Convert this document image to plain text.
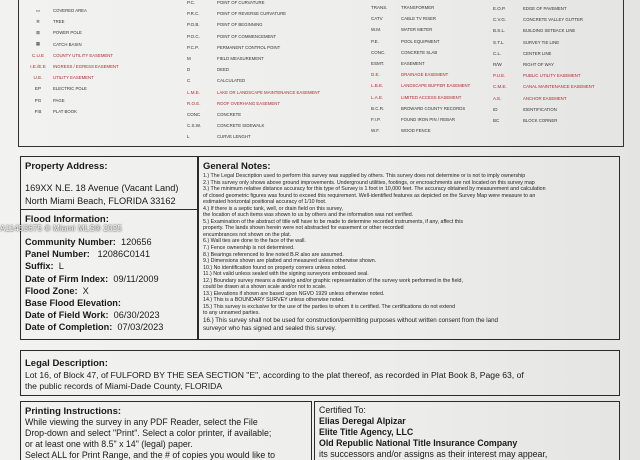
▭	COVERED AREA
✲	TREE
⊠	POWER POLE
▦	CATCH BASIN
C.U.E	COUNTY UTILITY EASEMENT
I.E./E.E	INGRESS / EGRESS EASEMENT
U.E.	UTILITY EASEMENT
EP	ELECTRIC POLE
PG	PAGE
P.B	PLAT BOOK
P.C.	POINT OF CURVATURE
P.R.C.	POINT OF REVERSE CURVATURE
P.O.B.	POINT OF BEGINNING
P.O.C.	POINT OF COMMENCEMENT
P.C.P.	PERMANENT CONTROL POINT
M	FIELD MEASUREMENT
D	DEED
C	CALCULATED
L.M.E.	LAKE OR LANDSCAPE MAINTENANCE EASEMENT
R.O.E.	ROOF OVERHANG EASEMENT
CONC	CONCRETE
C.S.W.	CONCRETE SIDEWALK
L	CURVE LENGHT
TRANS.	TRANSFORMER
CATV	CABLE TV RISER
W.M.	WATER METER
P.E.	POOL EQUIPMENT
CONC.	CONCRETE SLAB
ESMT.	EASEMENT
D.E.	DRAINAGE EASEMENT
L.B.E.	LANDSCAPE BUFFER EASEMENT
L.A.E.	LIMITED ACCESS EASEMENT
B.C.R.	BROWARD COUNTY RECORDS
F.I.P.	FOUND IRON PIN / REBAR
W.F.	WOOD FENCE
E.O.P.	EDGE OF PAVEMENT
C.V.G.	CONCRETE VALLEY GUTTER
B.S.L.	BUILDING SETBACK LINE
S.T.L.	SURVEY TIE LINE
C.L.	CENTER LINE
R/W	RIGHT OF WAY
P.U.E.	PUBLIC UTILITY EASEMENT
C.M.E.	CANAL MAINTENANCE EASEMENT
A.E.	ANCHOR EASEMENT
ID	IDENTIFICATION
BC	BLOCK CORNER
Property Address:
169XX N.E. 18 Avenue (Vacant Land)
North Miami Beach, FLORIDA 33162
Flood Information:
Community Number: 120656
Panel Number: 12086C0141
Suffix: L
Date of Firm Index: 09/11/2009
Flood Zone: X
Base Flood Elevation:
Date of Field Work: 06/30/2023
Date of Completion: 07/03/2023
General Notes:

1.) The Legal Description used to perform this survey was supplied by others. This survey does not determine or is not to imply ownership

2.) This survey only shows above ground improvements. Underground utilities, footings, or encroachments are not located on this survey map

3.) The minimum relative distance accuracy for this type of Survey is 1 foot in 10,000 feet. The accuracy obtained by measurement and calculation

of closed geometric figures was found to exceed this requirement. Well-identified features as depicted on the Survey Map were measure to an

estimated horizontal positional accuracy of 1/10 foot.

4.) If there is a septic tank, well, or drain field on this survey,

the location of such items was shown to us by others and the information was not verified.

5.) Examination of the abstract of title will have to be made to determine recorded instruments, if any, affect this

property. The lands shown herein were not abstracted for easement or other recorded

encumbrances not shown on the plat.

6.) Wall ties are done to the face of the wall.

7.) Fence ownership is not determined.

8.) Bearings referenced to line noted B.R also are assumed.

9.) Dimensions shown are platted and measured unless otherwise shown.

10.) No identification found on property corners unless noted.

11.) Not valid unless sealed with the signing surveyors embossed seal.

12.) Boundary survey means a drawing and/or graphic representation of the survey work performed in the field,

could be drawn at a shown scale and/or not to scale.

13.) Elevations if shown are based upon NGVD 1929 unless otherwise noted.

14.) This is a BOUNDARY SURVEY unless otherwise noted.

15.) This survey is exclusive for the use of the parties to whom it is certified. The certifications do not extend

to any unnamed parties.

16.) This survey shall not be used for construction/permitting purposes without written consent from the land

surveyor who has signed and sealed this survey.

Legal Description:
Lot 16, of Block 47, of FULFORD BY THE SEA SECTION "E", according to the plat thereof, as recorded in Plat Book 8, Page 63, of
the public records of Miami-Dade County, FLORIDA
Printing Instructions:
While viewing the survey in any PDF Reader, select the File
Drop-down and select "Print". Select a color printer, if available;
or at least one with 8.5" x 14" (legal) paper.
Select ALL for Print Range, and the # of copies you would like to
Certified To:
Elias Deregal Alpizar
Elite Title Agency, LLC
Old Republic National Title Insurance Company
its successors and/or assigns as their interest may appear,
A11453675 © Miami MLS® 2025
